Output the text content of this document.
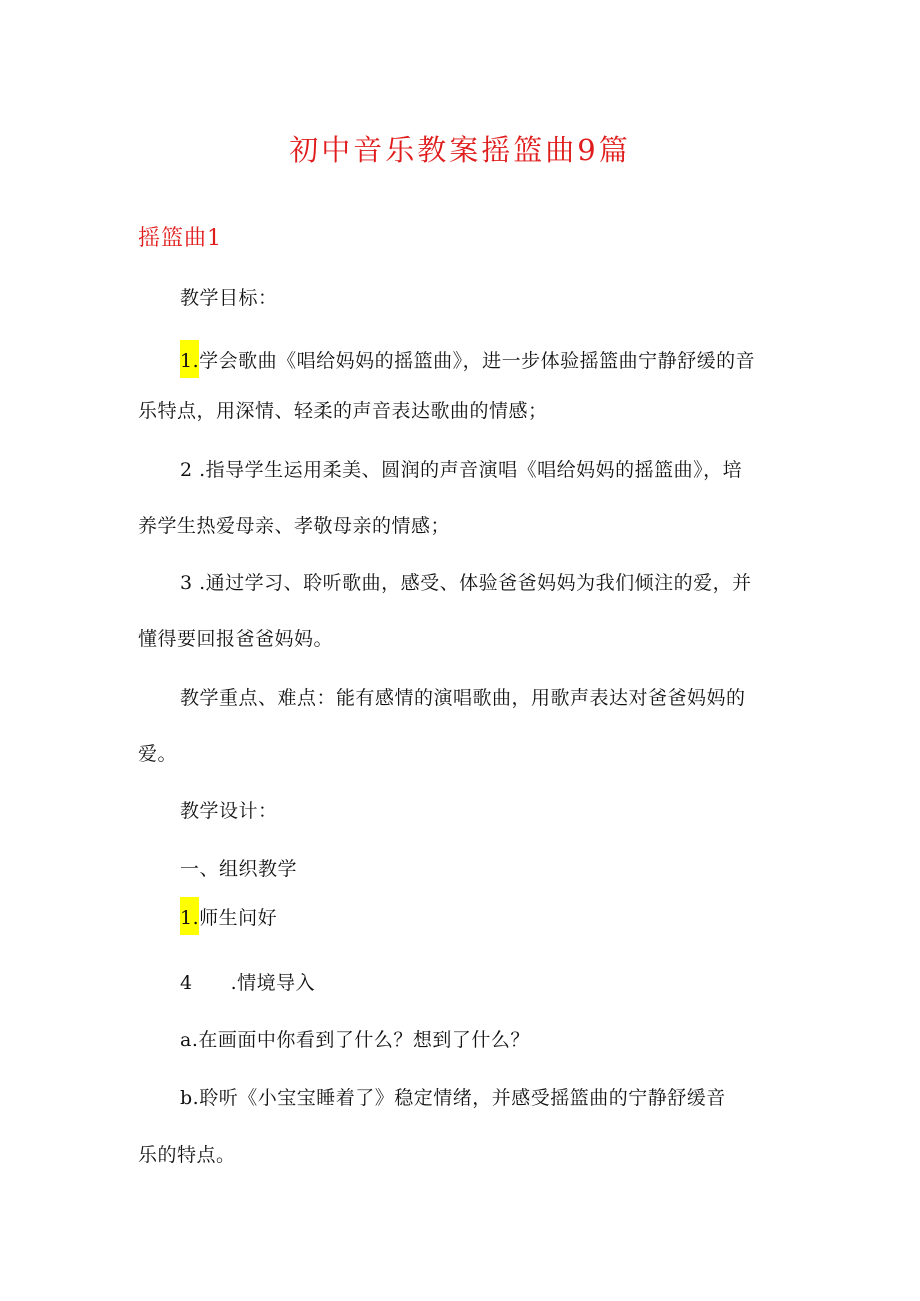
初中音乐教案摇篮曲9篇
摇篮曲1
教学目标：
1.学会歌曲《唱给妈妈的摇篮曲》，进一步体验摇篮曲宁静舒缓的音
乐特点，用深情、轻柔的声音表达歌曲的情感；
2 .指导学生运用柔美、圆润的声音演唱《唱给妈妈的摇篮曲》，培
养学生热爱母亲、孝敬母亲的情感；
3 .通过学习、聆听歌曲，感受、体验爸爸妈妈为我们倾注的爱，并
懂得要回报爸爸妈妈。
教学重点、难点：能有感情的演唱歌曲，用歌声表达对爸爸妈妈的
爱。
教学设计：
一、组织教学
1.师生问好
4 .情境导入
a.在画面中你看到了什么？想到了什么？
b.聆听《小宝宝睡着了》稳定情绪，并感受摇篮曲的宁静舒缓音
乐的特点。
